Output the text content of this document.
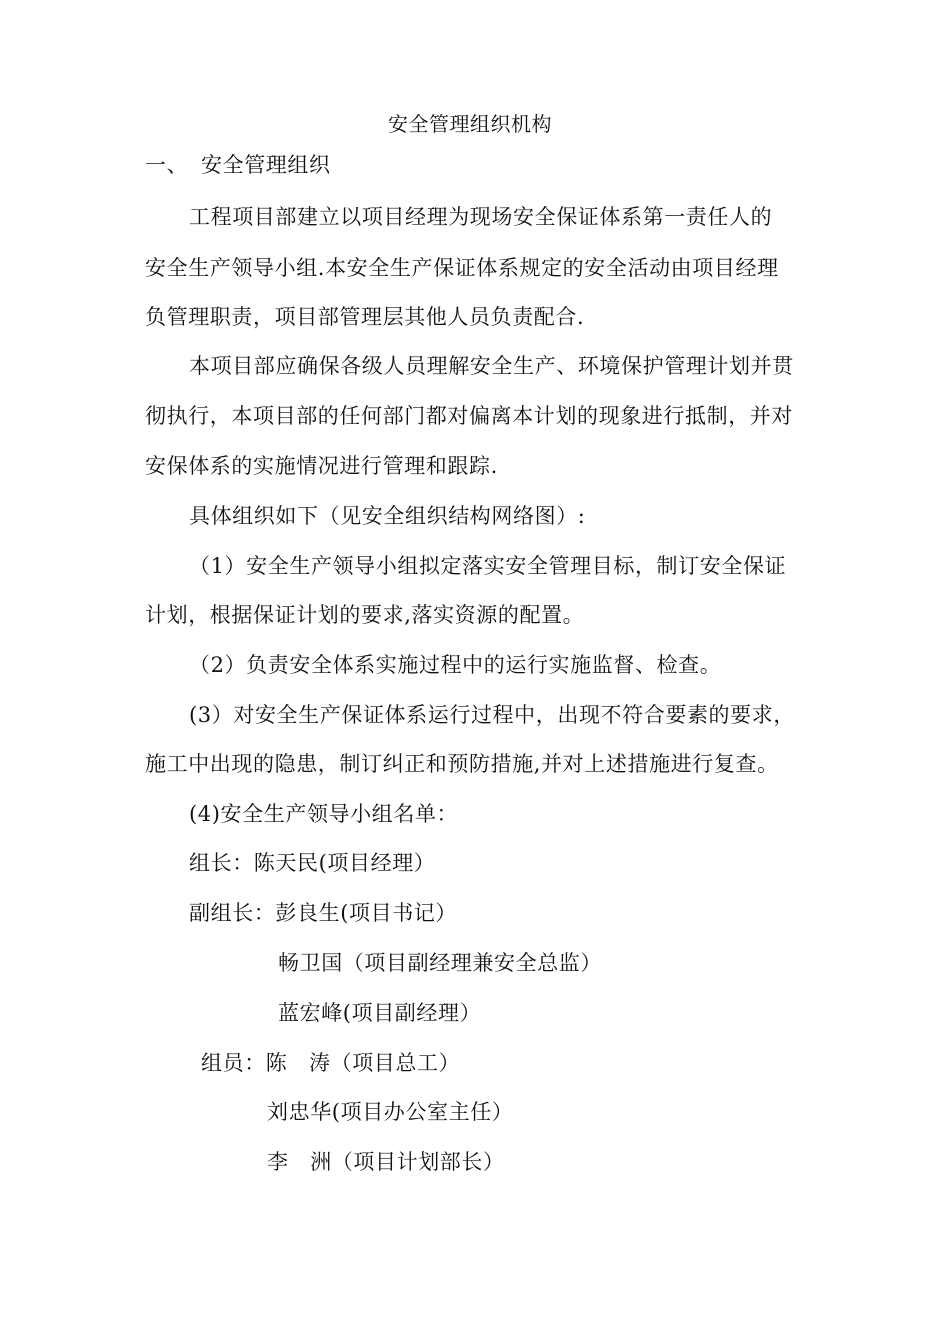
安全管理组织机构
一、 安全管理组织
工程项目部建立以项目经理为现场安全保证体系第一责任人的
安全生产领导小组.本安全生产保证体系规定的安全活动由项目经理
负管理职责，项目部管理层其他人员负责配合.
本项目部应确保各级人员理解安全生产、环境保护管理计划并贯
彻执行，本项目部的任何部门都对偏离本计划的现象进行抵制，并对
安保体系的实施情况进行管理和跟踪.
具体组织如下（见安全组织结构网络图）:
（1）安全生产领导小组拟定落实安全管理目标，制订安全保证
计划，根据保证计划的要求,落实资源的配置。
（2）负责安全体系实施过程中的运行实施监督、检查。
(3）对安全生产保证体系运行过程中，出现不符合要素的要求，
施工中出现的隐患，制订纠正和预防措施,并对上述措施进行复查。
(4)安全生产领导小组名单：
组长：陈天民(项目经理）
副组长：彭良生(项目书记）
畅卫国（项目副经理兼安全总监）
蓝宏峰(项目副经理）
组员：陈　涛（项目总工）
刘忠华(项目办公室主任）
李　洲（项目计划部长）
